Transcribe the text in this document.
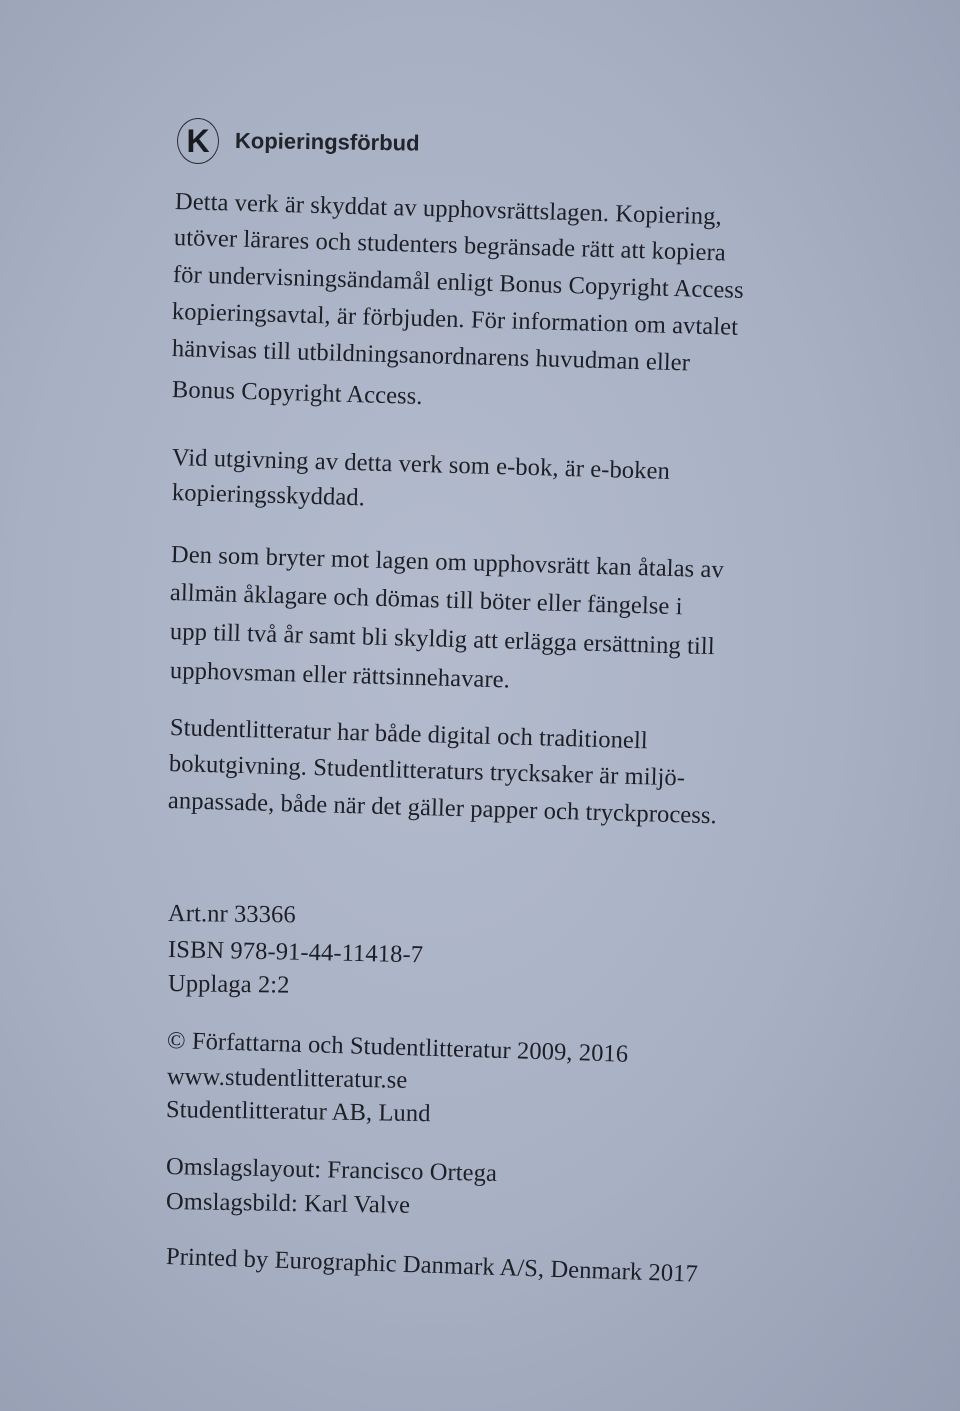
K	Kopieringsförbud
Detta verk är skyddat av upphovsrättslagen. Kopiering,
utöver lärares och studenters begränsade rätt att kopiera
för undervisningsändamål enligt Bonus Copyright Access
kopieringsavtal, är förbjuden. För information om avtalet
hänvisas till utbildningsanordnarens huvudman eller
Bonus Copyright Access.
Vid utgivning av detta verk som e-bok, är e-boken
kopieringsskyddad.
Den som bryter mot lagen om upphovsrätt kan åtalas av
allmän åklagare och dömas till böter eller fängelse i
upp till två år samt bli skyldig att erlägga ersättning till
upphovsman eller rättsinnehavare.
Studentlitteratur har både digital och traditionell
bokutgivning. Studentlitteraturs trycksaker är miljö-
anpassade, både när det gäller papper och tryckprocess.
Art.nr 33366
ISBN 978-91-44-11418-7
Upplaga 2:2
© Författarna och Studentlitteratur 2009, 2016
www.studentlitteratur.se
Studentlitteratur AB, Lund
Omslagslayout: Francisco Ortega
Omslagsbild: Karl Valve
Printed by Eurographic Danmark A/S, Denmark 2017
